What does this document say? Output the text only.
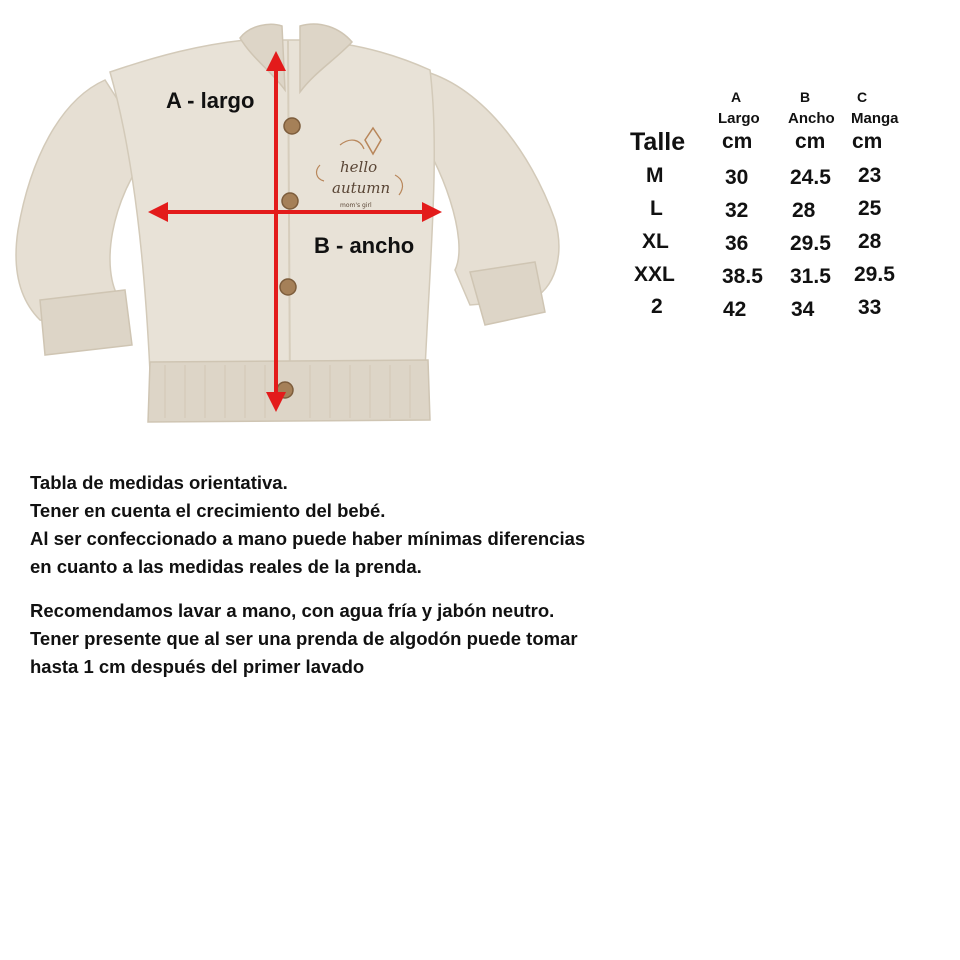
hello
autumn
mom's girl
A - largo
B - ancho
A	B	C
Largo Ancho Manga
Talle cm cm cm
M	30 24.5 23
L	32 28 25
XL	36 29.5 28
XXL 38.5 31.5 29.5
2	42 34 33
Tabla de medidas orientativa.
Tener en cuenta el crecimiento del bebé.
Al ser confeccionado a mano puede haber mínimas diferencias
en cuanto a las medidas reales de la prenda.
Recomendamos lavar a mano, con agua fría y jabón neutro.
Tener presente que al ser una prenda de algodón puede tomar
hasta 1 cm después del primer lavado
